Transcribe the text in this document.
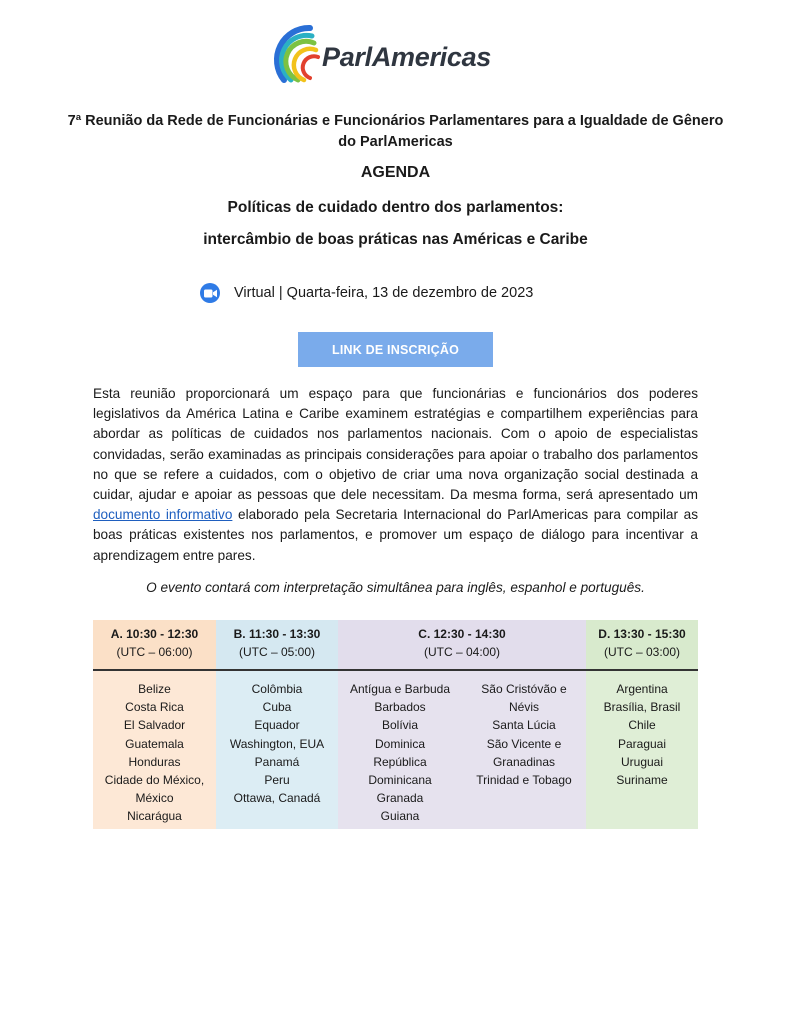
ParlAmericas
7ª Reunião da Rede de Funcionárias e Funcionários Parlamentares para a Igualdade de Gênero do ParlAmericas
AGENDA
Políticas de cuidado dentro dos parlamentos:
intercâmbio de boas práticas nas Américas e Caribe
Virtual | Quarta-feira, 13 de dezembro de 2023
LINK DE INSCRIÇÃO

Esta reunião proporcionará um espaço para que funcionárias e funcionários dos poderes legislativos da América Latina e Caribe examinem estratégias e compartilhem experiências para abordar as políticas de cuidados nos parlamentos nacionais. Com o apoio de especialistas convidadas, serão examinadas as principais considerações para apoiar o trabalho dos parlamentos no que se refere a cuidados, com o objetivo de criar uma nova organização social destinada a cuidar, ajudar e apoiar as pessoas que dele necessitam. Da mesma forma, será apresentado um documento informativo elaborado pela Secretaria Internacional do ParlAmericas para compilar as boas práticas existentes nos parlamentos, e promover um espaço de diálogo para incentivar a aprendizagem entre pares.

O evento contará com interpretação simultânea para inglês, espanhol e português.
A. 10:30 - 12:30
(UTC – 06:00)
Belize
Costa Rica
El Salvador
Guatemala
Honduras
Cidade do México,
México
Nicarágua
B. 11:30 - 13:30
(UTC – 05:00)
Colômbia
Cuba
Equador
Washington, EUA
Panamá
Peru
Ottawa, Canadá
C. 12:30 - 14:30
(UTC – 04:00)
Antígua e Barbuda
Barbados
Bolívia
Dominica
República
Dominicana
Granada
Guiana
São Cristóvão e
Névis
Santa Lúcia
São Vicente e
Granadinas
Trinidad e Tobago
D. 13:30 - 15:30
(UTC – 03:00)
Argentina
Brasília, Brasil
Chile
Paraguai
Uruguai
Suriname
